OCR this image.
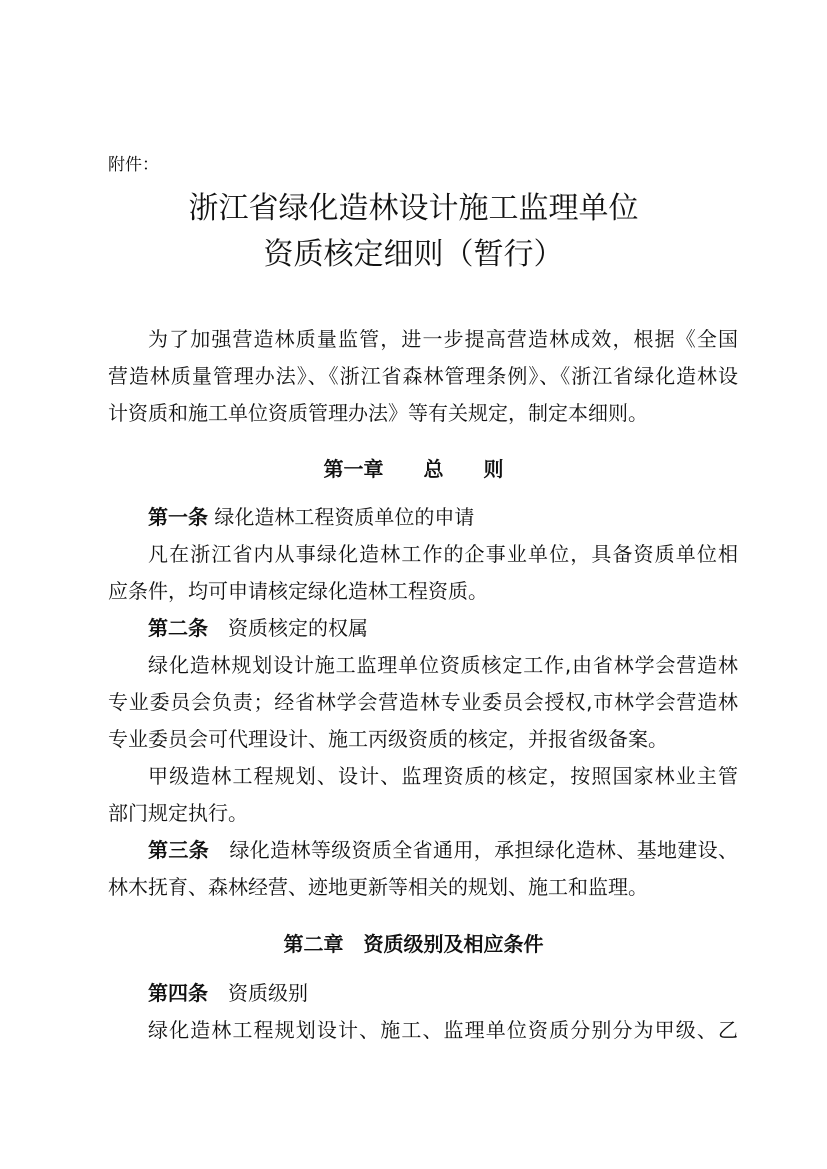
附件：
浙江省绿化造林设计施工监理单位
资质核定细则（暂行）
为了加强营造林质量监管，进一步提高营造林成效，根据《全国
营造林质量管理办法》、《浙江省森林管理条例》、《浙江省绿化造林设
计资质和施工单位资质管理办法》等有关规定，制定本细则。
第一章　　总　　则
第一条 绿化造林工程资质单位的申请
凡在浙江省内从事绿化造林工作的企事业单位，具备资质单位相
应条件，均可申请核定绿化造林工程资质。
第二条　 资质核定的权属
绿化造林规划设计施工监理单位资质核定工作,由省林学会营造林
专业委员会负责；经省林学会营造林专业委员会授权,市林学会营造林
专业委员会可代理设计、施工丙级资质的核定，并报省级备案。
甲级造林工程规划、设计、监理资质的核定，按照国家林业主管
部门规定执行。
第三条　 绿化造林等级资质全省通用，承担绿化造林、基地建设、
林木抚育、森林经营、迹地更新等相关的规划、施工和监理。
第二章　资质级别及相应条件
第四条　 资质级别
绿化造林工程规划设计、施工、监理单位资质分别分为甲级、乙
